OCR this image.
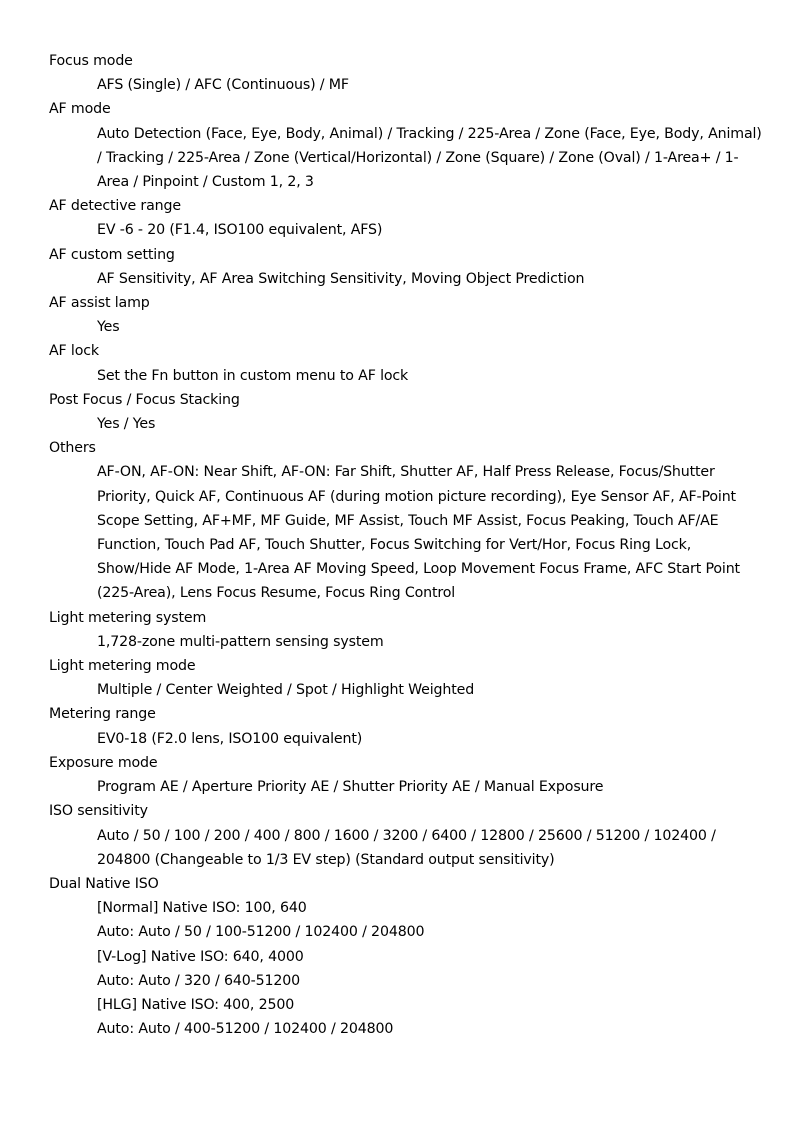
Focus mode
AFS (Single) / AFC (Continuous) / MF
AF mode
Auto Detection (Face, Eye, Body, Animal) / Tracking / 225-Area / Zone (Face, Eye, Body, Animal) / Tracking / 225-Area / Zone (Vertical/Horizontal) / Zone (Square) / Zone (Oval) / 1-Area+ / 1-Area / Pinpoint / Custom 1, 2, 3
AF detective range
EV -6 - 20 (F1.4, ISO100 equivalent, AFS)
AF custom setting
AF Sensitivity, AF Area Switching Sensitivity, Moving Object Prediction
AF assist lamp
Yes
AF lock
Set the Fn button in custom menu to AF lock
Post Focus / Focus Stacking
Yes / Yes
Others
AF-ON, AF-ON: Near Shift, AF-ON: Far Shift, Shutter AF, Half Press Release, Focus/Shutter Priority, Quick AF, Continuous AF (during motion picture recording), Eye Sensor AF, AF-Point Scope Setting, AF+MF, MF Guide, MF Assist, Touch MF Assist, Focus Peaking, Touch AF/AE Function, Touch Pad AF, Touch Shutter, Focus Switching for Vert/Hor, Focus Ring Lock, Show/Hide AF Mode, 1-Area AF Moving Speed, Loop Movement Focus Frame, AFC Start Point (225-Area), Lens Focus Resume, Focus Ring Control
Light metering system
1,728-zone multi-pattern sensing system
Light metering mode
Multiple / Center Weighted / Spot / Highlight Weighted
Metering range
EV0-18 (F2.0 lens, ISO100 equivalent)
Exposure mode
Program AE / Aperture Priority AE / Shutter Priority AE / Manual Exposure
ISO sensitivity
Auto / 50 / 100 / 200 / 400 / 800 / 1600 / 3200 / 6400 / 12800 / 25600 / 51200 / 102400 / 204800 (Changeable to 1/3 EV step) (Standard output sensitivity)
Dual Native ISO
[Normal] Native ISO: 100, 640
Auto: Auto / 50 / 100-51200 / 102400 / 204800
[V-Log] Native ISO: 640, 4000
Auto: Auto / 320 / 640-51200
[HLG] Native ISO: 400, 2500
Auto: Auto / 400-51200 / 102400 / 204800
